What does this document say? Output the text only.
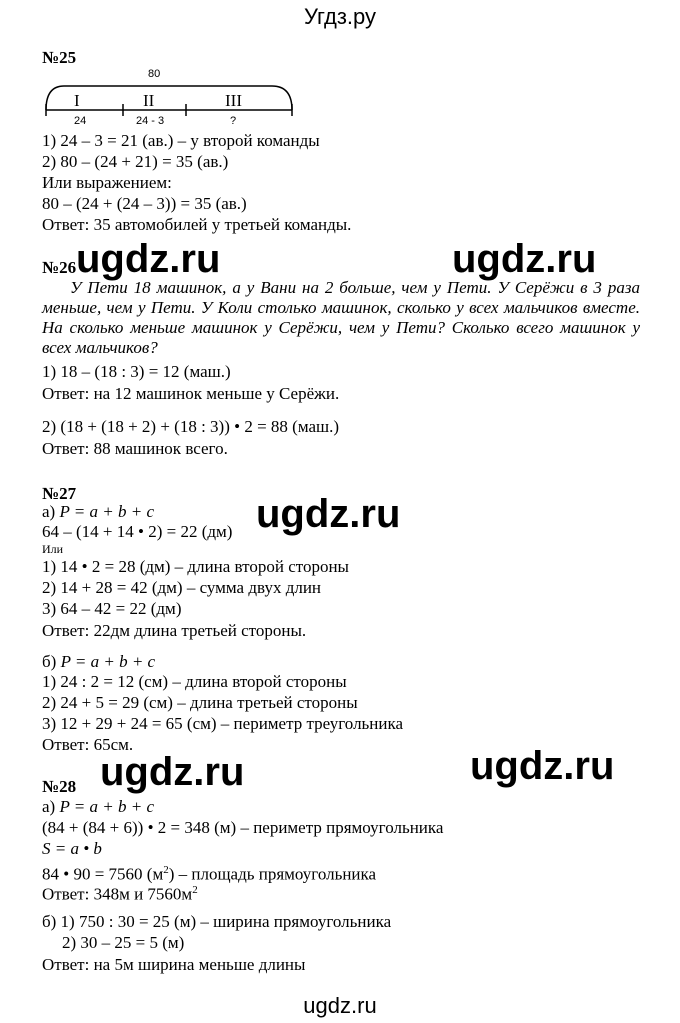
Угдз.ру
№25
80
I	II	III
24	24 - 3	?
1) 24 – 3 = 21 (ав.) – у второй команды
2) 80 – (24 + 21) = 35 (ав.)
Или выражением:
80 – (24 + (24 – 3)) = 35 (ав.)
Ответ: 35 автомобилей у третьей команды.
№26
У Пети 18 машинок, а у Вани на 2 больше, чем у Пети. У Серёжи в 3 раза меньше, чем у Пети. У Коли столько машинок, сколько у всех мальчиков вместе. На сколько меньше машинок у Серёжи, чем у Пети? Сколько всего машинок у всех мальчиков?
1) 18 – (18 : 3) = 12 (маш.)
Ответ: на 12 машинок меньше у Серёжи.
2) (18 + (18 + 2) + (18 : 3)) • 2 = 88 (маш.)
Ответ: 88 машинок всего.
№27
а) P = a + b + c
64 – (14 + 14 • 2) = 22 (дм)
Или
1) 14 • 2 = 28 (дм) – длина второй стороны
2) 14 + 28 = 42 (дм) – сумма двух длин
3) 64 – 42 = 22 (дм)
Ответ: 22дм длина третьей стороны.
б) P = a + b + c
1) 24 : 2 = 12 (см) – длина второй стороны
2) 24 + 5 = 29 (см) – длина третьей стороны
3) 12 + 29 + 24 = 65 (см) – периметр треугольника
Ответ: 65см.
№28
а) P = a + b + c
(84 + (84 + 6)) • 2 = 348 (м) – периметр прямоугольника
S = a • b
84 • 90 = 7560 $(м^2)$ – площадь прямоугольника
Ответ: 348м и $7560м^2$
б) 1) 750 : 30 = 25 (м) – ширина прямоугольника
2) 30 – 25 = 5 (м)
Ответ: на 5м ширина меньше длины
ugdz.ru	ugdz.ru
ugdz.ru
ugdz.ru	ugdz.ru
ugdz.ru
